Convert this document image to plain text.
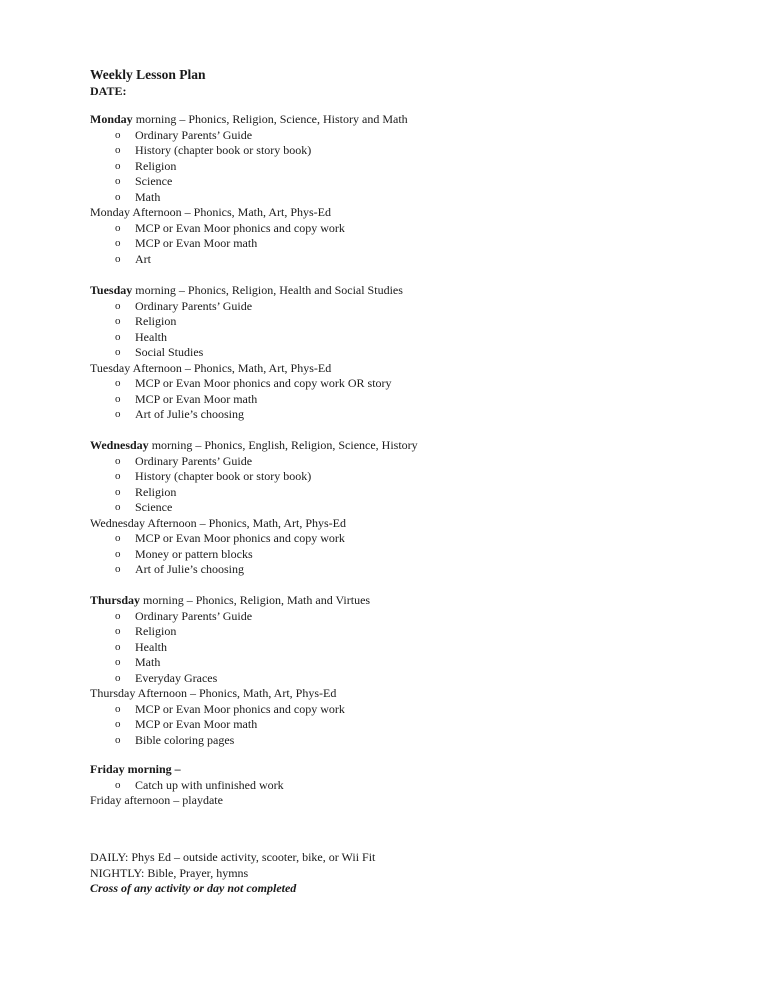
Weekly Lesson Plan
DATE:
Monday morning – Phonics, Religion, Science, History and Math
o	Ordinary Parents’ Guide
o	History (chapter book or story book)
o	Religion
o	Science
o	Math
Monday Afternoon – Phonics, Math, Art, Phys-Ed
o	MCP or Evan Moor phonics and copy work
o	MCP or Evan Moor math
o	Art
Tuesday morning – Phonics, Religion, Health and Social Studies
o	Ordinary Parents’ Guide
o	Religion
o	Health
o	Social Studies
Tuesday Afternoon – Phonics, Math, Art, Phys-Ed
o	MCP or Evan Moor phonics and copy work OR story
o	MCP or Evan Moor math
o	Art of Julie’s choosing
Wednesday morning – Phonics, English, Religion, Science, History
o	Ordinary Parents’ Guide
o	History (chapter book or story book)
o	Religion
o	Science
Wednesday Afternoon – Phonics, Math, Art, Phys-Ed
o	MCP or Evan Moor phonics and copy work
o	Money or pattern blocks
o	Art of Julie’s choosing
Thursday morning – Phonics, Religion, Math and Virtues
o	Ordinary Parents’ Guide
o	Religion
o	Health
o	Math
o	Everyday Graces
Thursday Afternoon – Phonics, Math, Art, Phys-Ed
o	MCP or Evan Moor phonics and copy work
o	MCP or Evan Moor math
o	Bible coloring pages
Friday morning –
o	Catch up with unfinished work
Friday afternoon – playdate
DAILY: Phys Ed – outside activity, scooter, bike, or Wii Fit
NIGHTLY: Bible, Prayer, hymns
Cross of any activity or day not completed
